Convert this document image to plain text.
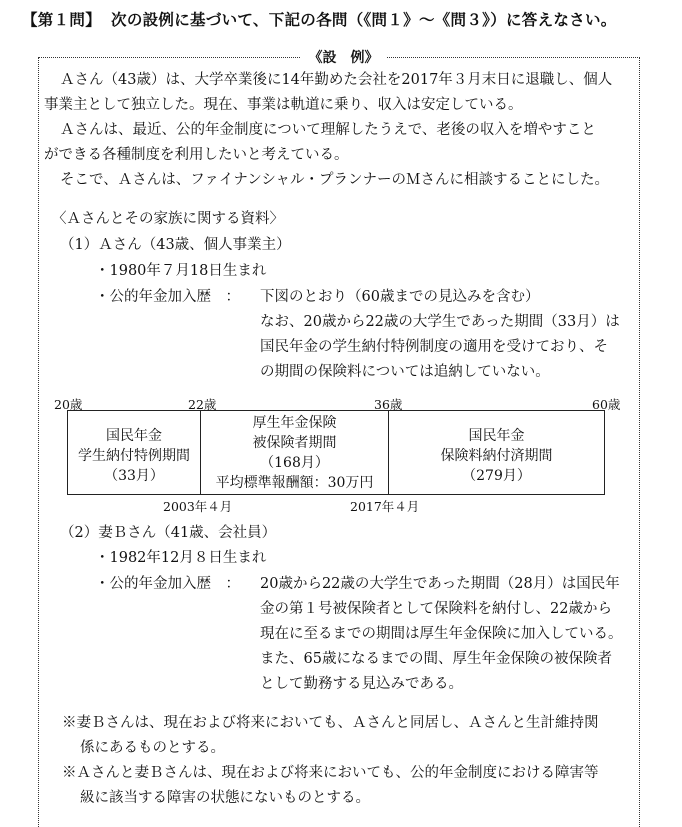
【第１問】 次の設例に基づいて、下記の各問（《問１》～《問３》）に答えなさい。
《設　例》
Ａさん（43歳）は、大学卒業後に14年勤めた会社を2017年３月末日に退職し、個人
事業主として独立した。現在、事業は軌道に乗り、収入は安定している。
Ａさんは、最近、公的年金制度について理解したうえで、老後の収入を増やすこと
ができる各種制度を利用したいと考えている。
そこで、Ａさんは、ファイナンシャル・プランナーのＭさんに相談することにした。
〈Ａさんとその家族に関する資料〉
（1）Ａさん（43歳、個人事業主）
・1980年７月18日生まれ
・公的年金加入歴　： 下図のとおり（60歳までの見込みを含む）
なお、20歳から22歳の大学生であった期間（33月）は
国民年金の学生納付特例制度の適用を受けており、そ
の期間の保険料については追納していない。
20歳	22歳	36歳	60歳
国民年金
学生納付特例期間
（33月）
厚生年金保険
被保険者期間
（168月）
平均標準報酬額：30万円
国民年金
保険料納付済期間
（279月）
2003年４月	2017年４月
（2）妻Ｂさん（41歳、会社員）
・1982年12月８日生まれ
・公的年金加入歴　： 20歳から22歳の大学生であった期間（28月）は国民年
金の第１号被保険者として保険料を納付し、22歳から
現在に至るまでの期間は厚生年金保険に加入している。
また、65歳になるまでの間、厚生年金保険の被保険者
として勤務する見込みである。
※妻Ｂさんは、現在および将来においても、Ａさんと同居し、Ａさんと生計維持関
係にあるものとする。
※Ａさんと妻Ｂさんは、現在および将来においても、公的年金制度における障害等
級に該当する障害の状態にないものとする。
